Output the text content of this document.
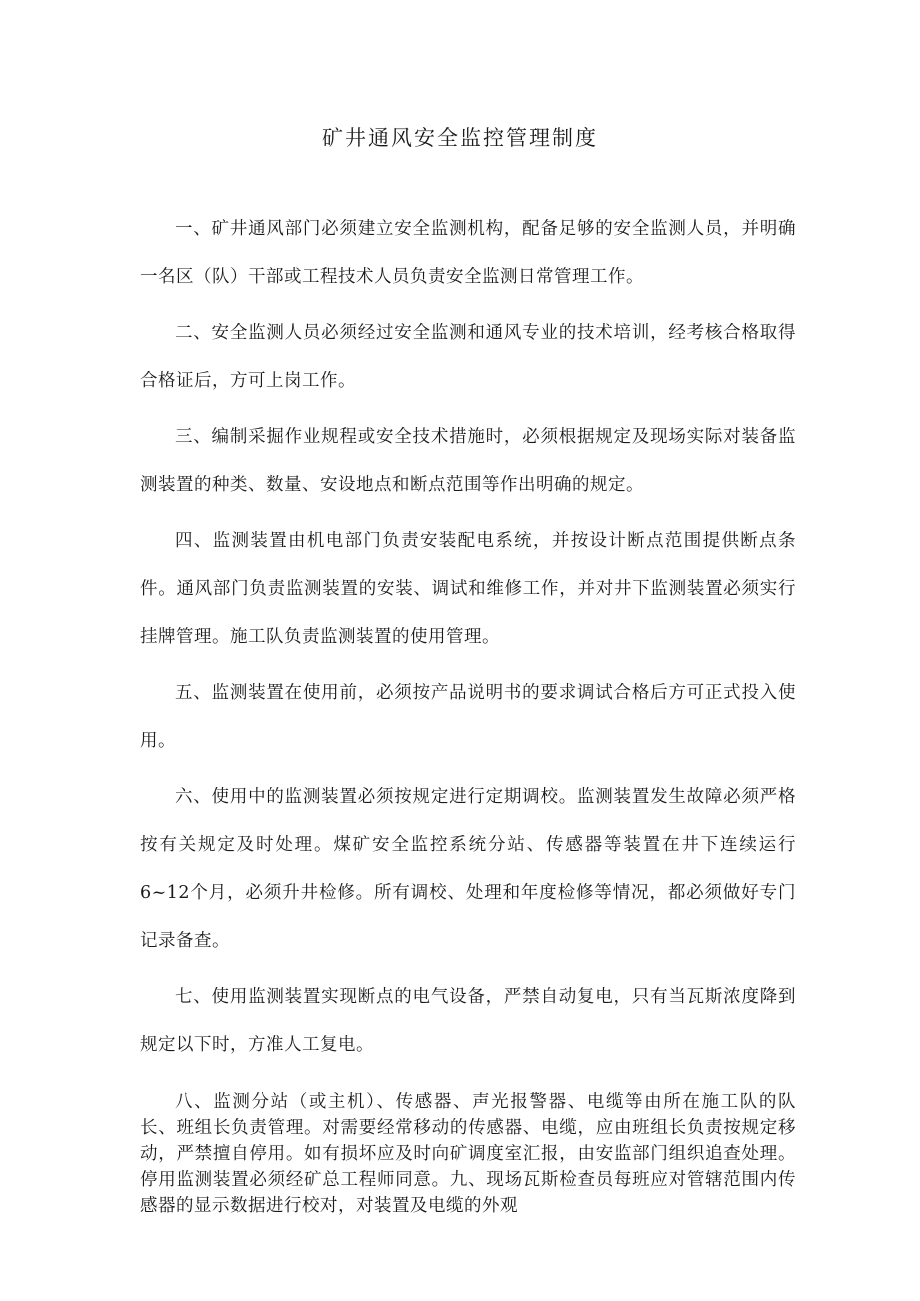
矿井通风安全监控管理制度

一、矿井通风部门必须建立安全监测机构，配备足够的安全监测人员，并明确一名区（队）干部或工程技术人员负责安全监测日常管理工作。

二、安全监测人员必须经过安全监测和通风专业的技术培训，经考核合格取得合格证后，方可上岗工作。

三、编制采掘作业规程或安全技术措施时，必须根据规定及现场实际对装备监测装置的种类、数量、安设地点和断点范围等作出明确的规定。

四、监测装置由机电部门负责安装配电系统，并按设计断点范围提供断点条件。通风部门负责监测装置的安装、调试和维修工作，并对井下监测装置必须实行挂牌管理。施工队负责监测装置的使用管理。

五、监测装置在使用前，必须按产品说明书的要求调试合格后方可正式投入使用。

六、使用中的监测装置必须按规定进行定期调校。监测装置发生故障必须严格按有关规定及时处理。煤矿安全监控系统分站、传感器等装置在井下连续运行6~12个月，必须升井检修。所有调校、处理和年度检修等情况，都必须做好专门记录备查。

七、使用监测装置实现断点的电气设备，严禁自动复电，只有当瓦斯浓度降到规定以下时，方准人工复电。

八、监测分站（或主机）、传感器、声光报警器、电缆等由所在施工队的队长、班组长负责管理。对需要经常移动的传感器、电缆，应由班组长负责按规定移动，严禁擅自停用。如有损坏应及时向矿调度室汇报，由安监部门组织追查处理。停用监测装置必须经矿总工程师同意。九、现场瓦斯检查员每班应对管辖范围内传感器的显示数据进行校对，对装置及电缆的外观
